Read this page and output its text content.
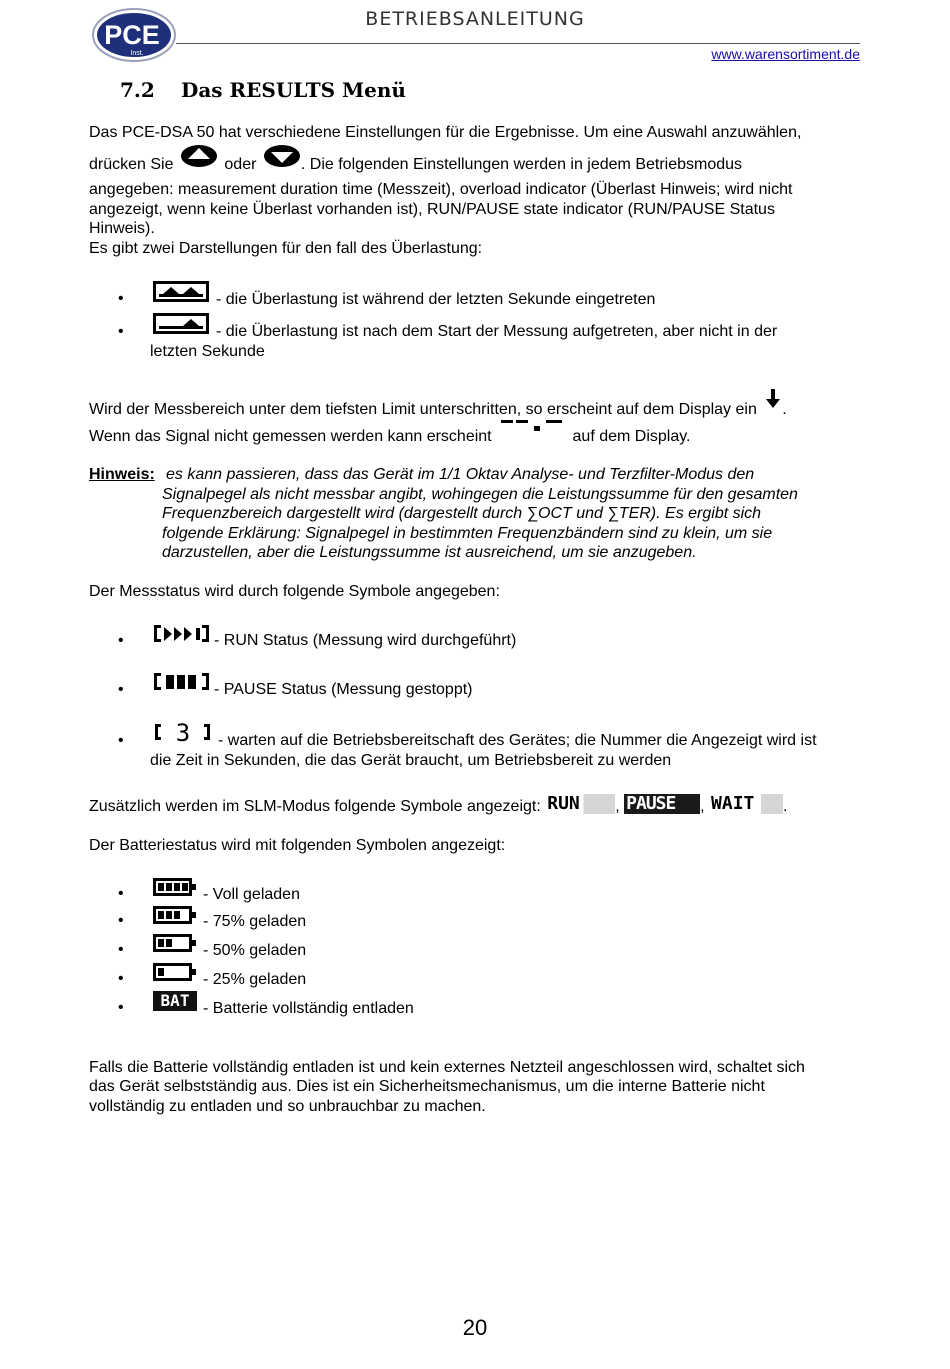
PCE
Inst.
BETRIEBSANLEITUNG
www.warensortiment.de
7.2 Das RESULTS Menü
Das PCE-DSA 50 hat verschiedene Einstellungen für die Ergebnisse. Um eine Auswahl anzuwählen,
drücken Sie	oder	. Die folgenden Einstellungen werden in jedem Betriebsmodus
angegeben: measurement duration time (Messzeit), overload indicator (Überlast Hinweis; wird nicht
angezeigt, wenn keine Überlast vorhanden ist), RUN/PAUSE state indicator (RUN/PAUSE Status
Hinweis).
Es gibt zwei Darstellungen für den fall des Überlastung:
•	- die Überlastung ist während der letzten Sekunde eingetreten
•	- die Überlastung ist nach dem Start der Messung aufgetreten, aber nicht in der
letzten Sekunde
Wird der Messbereich unter dem tiefsten Limit unterschritten, so erscheint auf dem Display ein .
Wenn das Signal nicht gemessen werden kann erscheint	auf dem Display.
Hinweis: es kann passieren, dass das Gerät im 1/1 Oktav Analyse- und Terzfilter-Modus den
Signalpegel als nicht messbar angibt, wohingegen die Leistungssumme für den gesamten
Frequenzbereich dargestellt wird (dargestellt durch ∑OCT und ∑TER). Es ergibt sich
folgende Erklärung: Signalpegel in bestimmten Frequenzbändern sind zu klein, um sie
darzustellen, aber die Leistungssumme ist ausreichend, um sie anzugeben.
Der Messstatus wird durch folgende Symbole angegeben:
•	- RUN Status (Messung wird durchgeführt)
•	- PAUSE Status (Messung gestoppt)
• 3 - warten auf die Betriebsbereitschaft des Gerätes; die Nummer die Angezeigt wird ist
die Zeit in Sekunden, die das Gerät braucht, um Betriebsbereit zu werden
Zusätzlich werden im SLM-Modus folgende Symbole angezeigt: RUN , PAUSE , WAIT .
Der Batteriestatus wird mit folgenden Symbolen angezeigt:
•	- Voll geladen
•	- 75% geladen
•	- 50% geladen
•	- 25% geladen
•	BAT - Batterie vollständig entladen
Falls die Batterie vollständig entladen ist und kein externes Netzteil angeschlossen wird, schaltet sich
das Gerät selbstständig aus. Dies ist ein Sicherheitsmechanismus, um die interne Batterie nicht
vollständig zu entladen und so unbrauchbar zu machen.
20
